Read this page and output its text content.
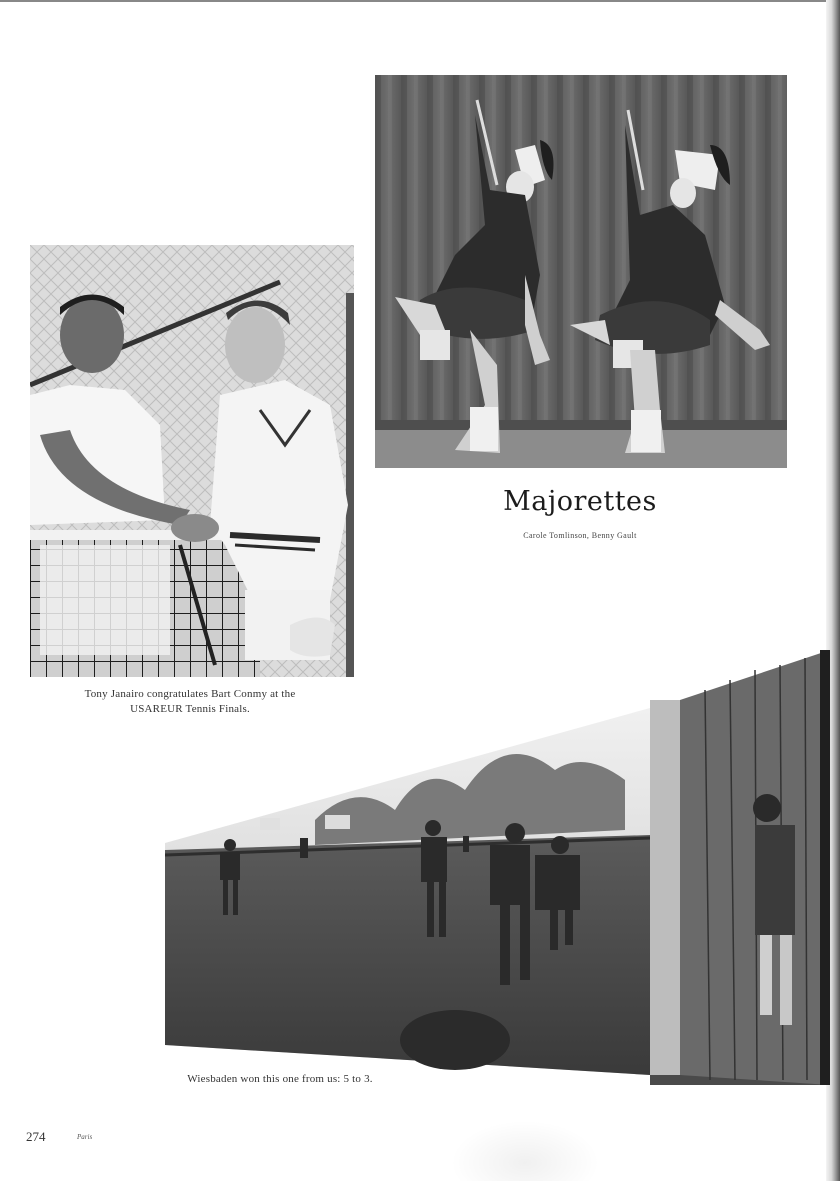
Majorettes
Carole Tomlinson, Benny Gault
Tony Janairo congratulates Bart Conmy at the
USAREUR Tennis Finals.
Wiesbaden won this one from us: 5 to 3.
274	Paris
